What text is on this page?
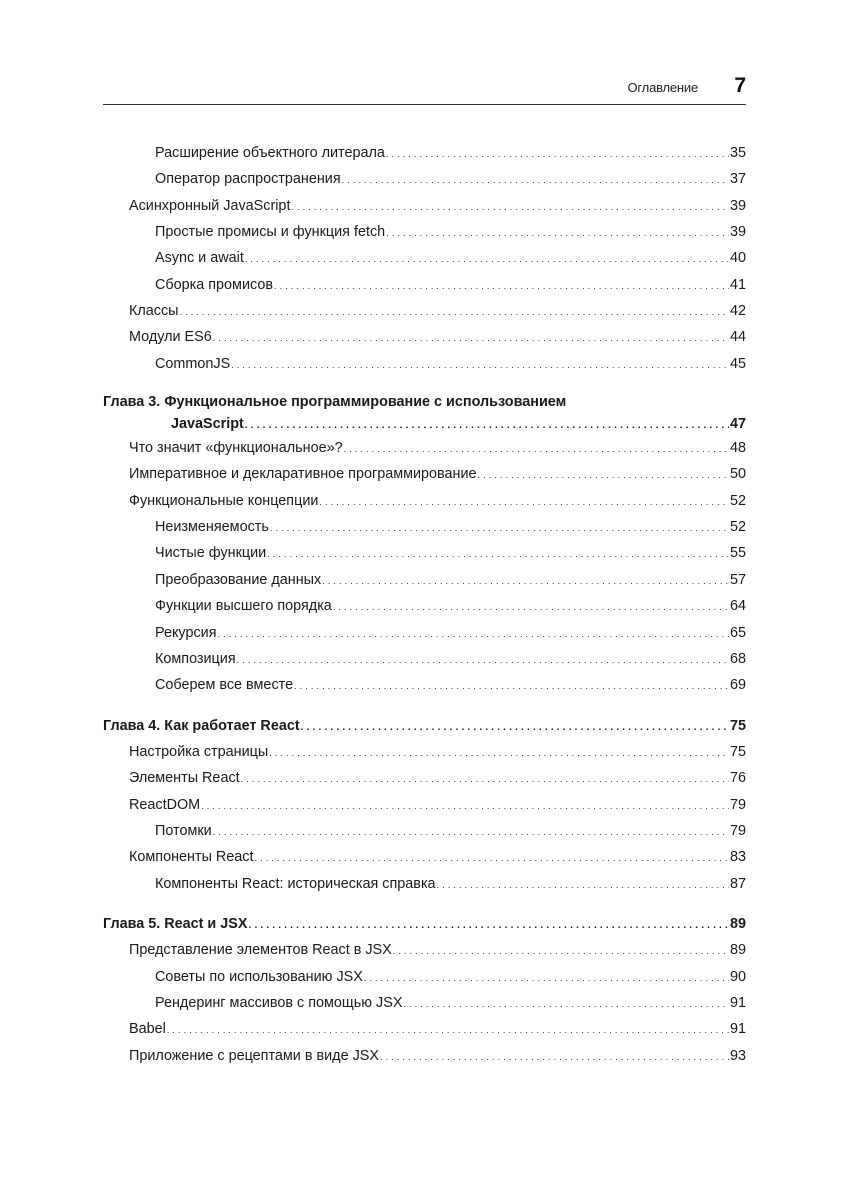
Оглавление 7
Расширение объектного литерала . . .	35
Оператор распространения . . .	37
Асинхронный JavaScript . . .	39
Простые промисы и функция fetch . . .	39
Async и await . . .	40
Сборка промисов . . .	41
Классы . . .	42
Модули ES6 . . .	44
CommonJS . . .	45
Глава 3. Функциональное программирование с использованием
JavaScript . . .	47
Что значит «функциональное»? . . .	48
Императивное и декларативное программирование . . .	50
Функциональные концепции . . .	52
Неизменяемость . . .	52
Чистые функции . . .	55
Преобразование данных . . .	57
Функции высшего порядка . . .	64
Рекурсия . . .	65
Композиция . . .	68
Соберем все вместе . . .	69
Глава 4. Как работает React . . .	75
Настройка страницы . . .	75
Элементы React . . .	76
ReactDOM . . .	79
Потомки . . .	79
Компоненты React . . .	83
Компоненты React: историческая справка . . .	87
Глава 5. React и JSX . . .	89
Представление элементов React в JSX . . .	89
Советы по использованию JSX . . .	90
Рендеринг массивов с помощью JSX . . .	91
Babel . . .	91
Приложение с рецептами в виде JSX . . .	93
